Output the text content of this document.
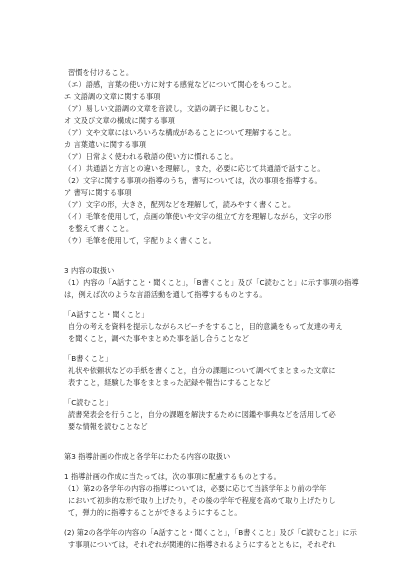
習慣を付けること。
（エ）語感，言葉の使い方に対する感覚などについて関心をもつこと。
エ 文語調の文章に関する事項
（ア）易しい文語調の文章を音読し，文語の調子に親しむこと。
オ 文及び文章の構成に関する事項
（ア）文や文章にはいろいろな構成があることについて理解すること。
カ 言葉遣いに関する事項
（ア）日常よく使われる敬語の使い方に慣れること。
（イ）共通語と方言との違いを理解し，また，必要に応じて共通語で話すこと。
（2）文字に関する事項の指導のうち，書写については，次の事項を指導する。
ア 書写に関する事項
（ア）文字の形，大きさ，配列などを理解して，読みやすく書くこと。
（イ）毛筆を使用して，点画の筆使いや文字の組立て方を理解しながら，文字の形
を整えて書くこと。
（ウ）毛筆を使用して，字配りよく書くこと。
3 内容の取扱い
（1）内容の「A話すこと・聞くこと」，「B書くこと」及び「C読むこと」に示す事項の指導
は，例えば次のような言語活動を通して指導するものとする。
「A話すこと・聞くこと」
自分の考えを資料を提示しながらスピーチをすること，目的意識をもって友達の考え
を聞くこと，調べた事やまとめた事を話し合うことなど
「B書くこと」
礼状や依頼状などの手紙を書くこと，自分の課題について調べてまとまった文章に
表すこと，経験した事をまとまった記録や報告にすることなど
「C読むこと」
読書発表会を行うこと，自分の課題を解決するために図鑑や事典などを活用して必
要な情報を読むことなど
第3 指導計画の作成と各学年にわたる内容の取扱い
1 指導計画の作成に当たっては，次の事項に配慮するものとする。
（1）第2の各学年の内容の指導については，必要に応じて当該学年より前の学年
において初歩的な形で取り上げたり，その後の学年で程度を高めて取り上げたりし
て，弾力的に指導することができるようにすること。
(2) 第2の各学年の内容の「A話すこと・聞くこと」，「B書くこと」及び「C読むこと」に示
す事項については，それぞれが関連的に指導されるようにするとともに，それぞれ
